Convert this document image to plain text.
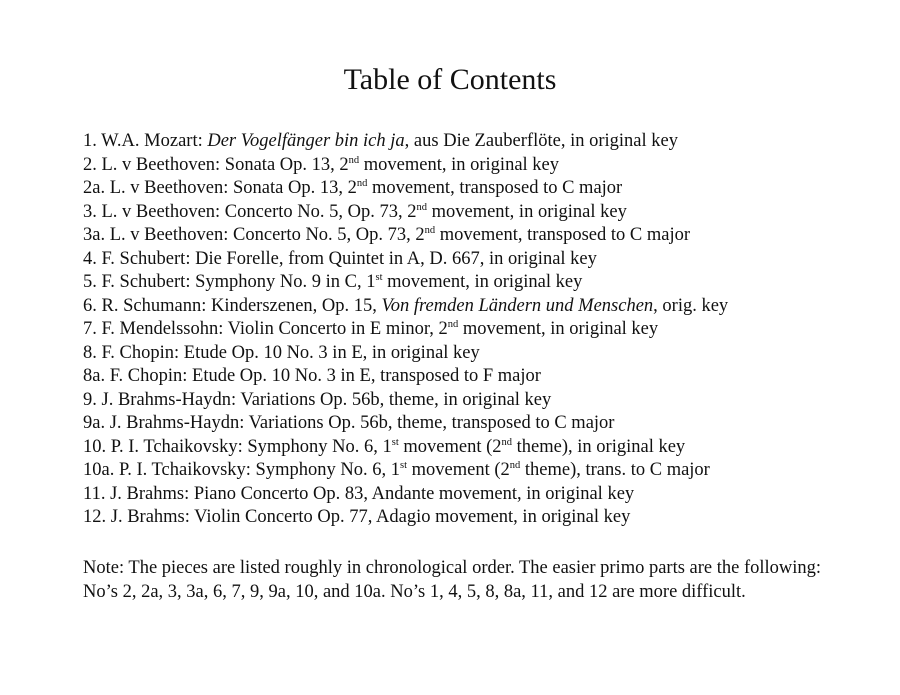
Table of Contents
1. W.A. Mozart: Der Vogelfänger bin ich ja, aus Die Zauberflöte, in original key
2. L. v Beethoven: Sonata Op. 13, 2nd movement, in original key
2a. L. v Beethoven: Sonata Op. 13, 2nd movement, transposed to C major
3. L. v Beethoven: Concerto No. 5, Op. 73, 2nd movement, in original key
3a. L. v Beethoven: Concerto No. 5, Op. 73, 2nd movement, transposed to C major
4. F. Schubert: Die Forelle, from Quintet in A, D. 667, in original key
5. F. Schubert: Symphony No. 9 in C, 1st movement, in original key
6. R. Schumann: Kinderszenen, Op. 15, Von fremden Ländern und Menschen, orig. key
7. F. Mendelssohn: Violin Concerto in E minor, 2nd movement, in original key
8. F. Chopin: Etude Op. 10 No. 3 in E, in original key
8a. F. Chopin: Etude Op. 10 No. 3 in E, transposed to F major
9. J. Brahms-Haydn: Variations Op. 56b, theme, in original key
9a. J. Brahms-Haydn: Variations Op. 56b, theme, transposed to C major
10. P. I. Tchaikovsky: Symphony No. 6, 1st movement (2nd theme), in original key
10a. P. I. Tchaikovsky: Symphony No. 6, 1st movement (2nd theme), trans. to C major
11. J. Brahms: Piano Concerto Op. 83, Andante movement, in original key
12. J. Brahms: Violin Concerto Op. 77, Adagio movement, in original key

Note: The pieces are listed roughly in chronological order. The easier primo parts are the following: No’s 2, 2a, 3, 3a, 6, 7, 9, 9a, 10, and 10a. No’s 1, 4, 5, 8, 8a, 11, and 12 are more difficult.
